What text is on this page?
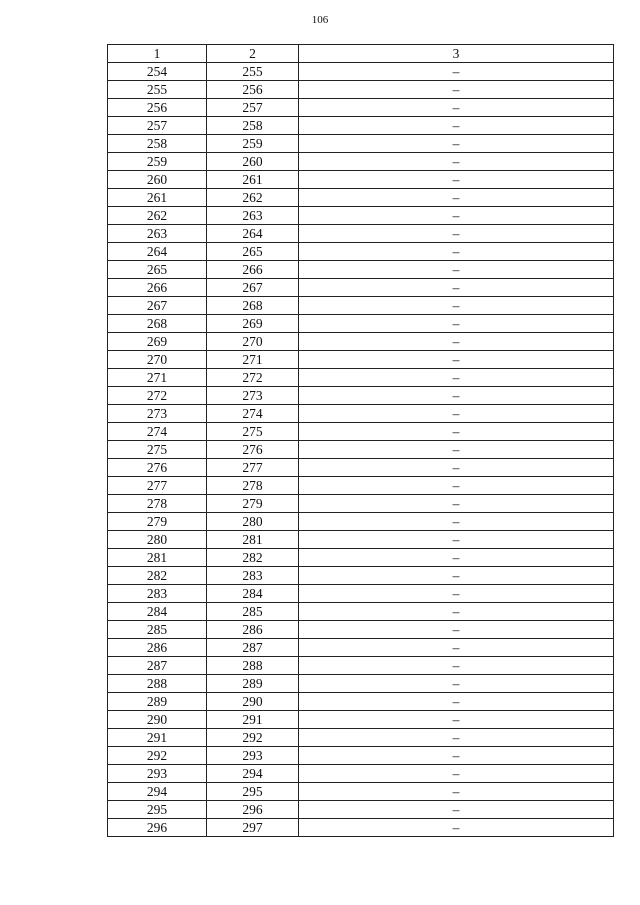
106
1	2	3
254	255	–
255	256	–
256	257	–
257	258	–
258	259	–
259	260	–
260	261	–
261	262	–
262	263	–
263	264	–
264	265	–
265	266	–
266	267	–
267	268	–
268	269	–
269	270	–
270	271	–
271	272	–
272	273	–
273	274	–
274	275	–
275	276	–
276	277	–
277	278	–
278	279	–
279	280	–
280	281	–
281	282	–
282	283	–
283	284	–
284	285	–
285	286	–
286	287	–
287	288	–
288	289	–
289	290	–
290	291	–
291	292	–
292	293	–
293	294	–
294	295	–
295	296	–
296	297	–
